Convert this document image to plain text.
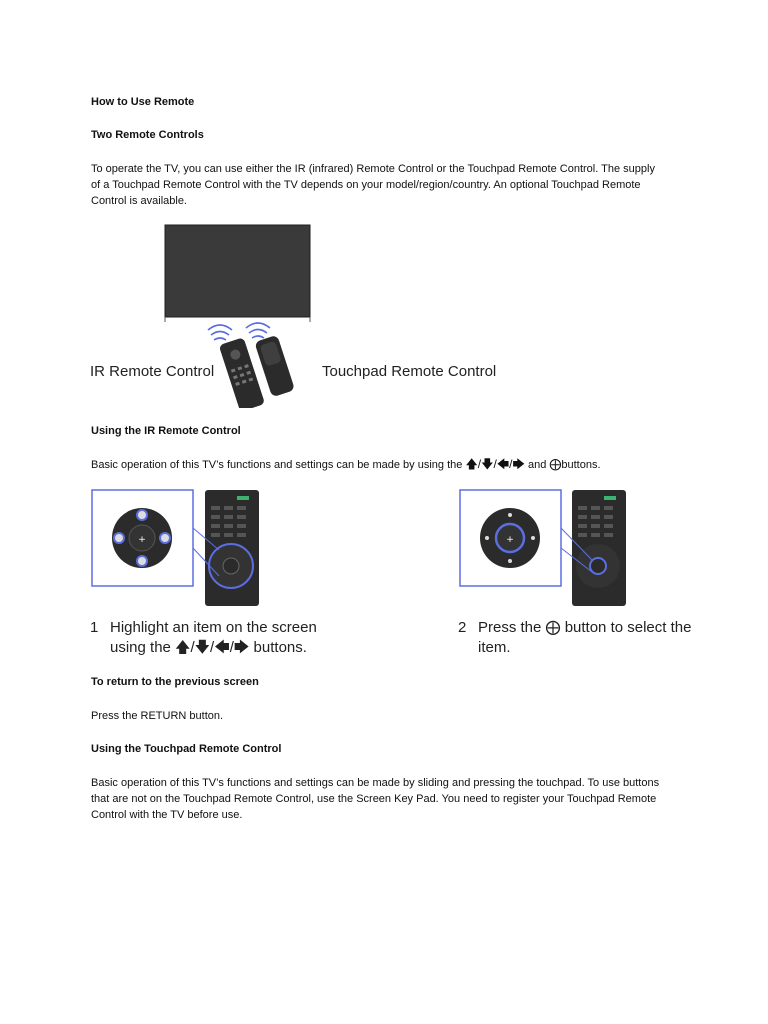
How to Use Remote

Two Remote Controls

To operate the TV, you can use either the IR (infrared) Remote Control or the Touchpad Remote Control. The supply of a Touchpad Remote Control with the TV depends on your model/region/country. An optional Touchpad Remote Control is available.

IR Remote Control	Touchpad Remote Control

Using the IR Remote Control

Basic operation of this TV’s functions and settings can be made by using the 🡅/🡇/🡄/🡆 and ⨁buttons.

+	+
1 Highlight an item on the screen
using the 🡅/🡇/🡄/🡆 buttons.
2 Press the ⨁ button to select the
item.

To return to the previous screen

Press the RETURN button.

Using the Touchpad Remote Control

Basic operation of this TV’s functions and settings can be made by sliding and pressing the touchpad. To use buttons that are not on the Touchpad Remote Control, use the Screen Key Pad. You need to register your Touchpad Remote Control with the TV before use.
